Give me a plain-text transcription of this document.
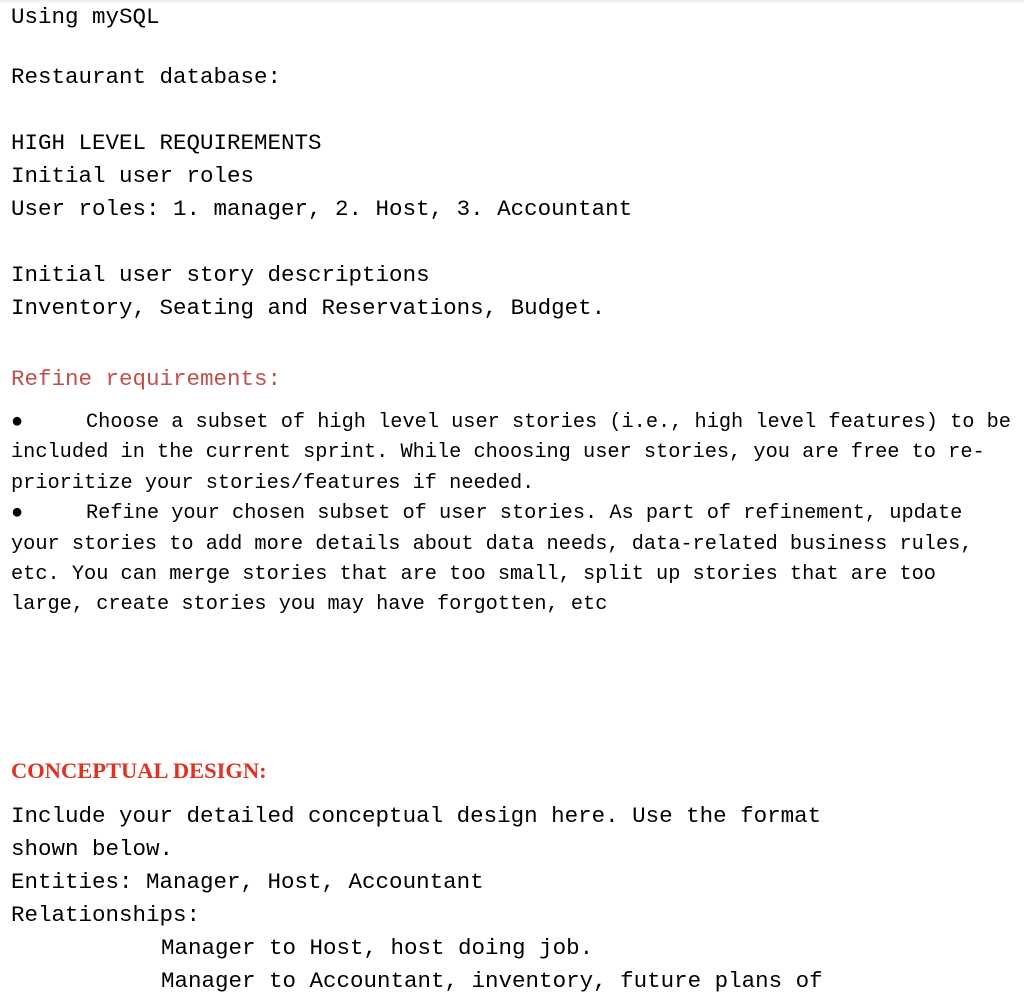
Using mySQL
Restaurant database:
HIGH LEVEL REQUIREMENTS
Initial user roles
User roles: 1. manager, 2. Host, 3. Accountant
Initial user story descriptions
Inventory, Seating and Reservations, Budget.
Refine requirements:

●	Choose a subset of high level user stories (i.e., high level features) to be included in the current sprint. While choosing user stories, you are free to re-prioritize your stories/features if needed.

●	Refine your chosen subset of user stories. As part of refinement, update your stories to add more details about data needs, data-related business rules, etc. You can merge stories that are too small, split up stories that are too large, create stories you may have forgotten, etc

CONCEPTUAL DESIGN:
Include your detailed conceptual design here. Use the format
shown below.
Entities: Manager, Host, Accountant
Relationships:
Manager to Host, host doing job.
Manager to Accountant, inventory, future plans of
